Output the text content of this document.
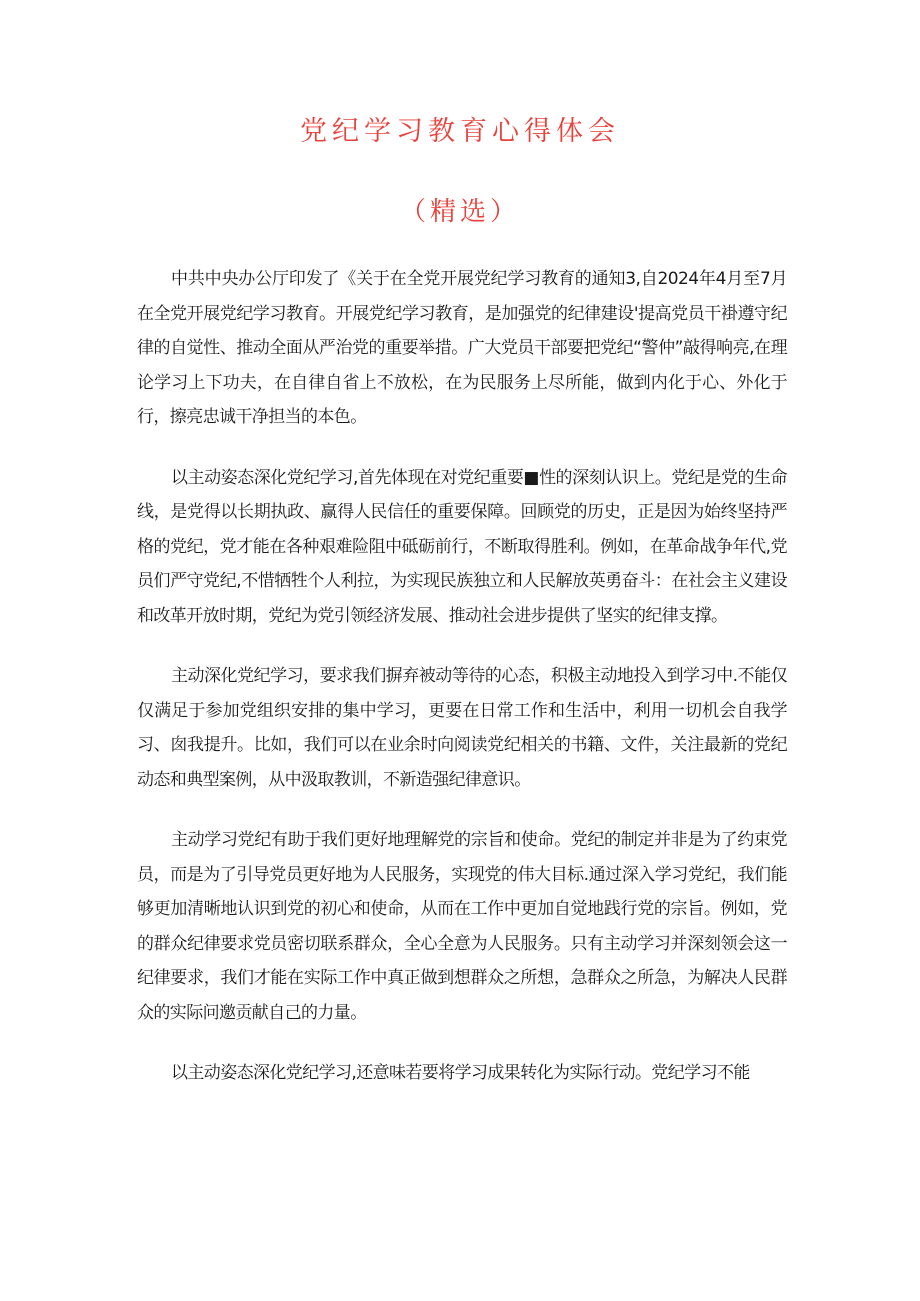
党纪学习教育心得体会
（精选）

中共中央办公厅印发了《关于在全党开展党纪学习教育的通知3,自2024年4月至7月在全党开展党纪学习教育。开展党纪学习教育，是加强党的纪律建设'提高党员干褂遵守纪律的自觉性、推动全面从严治党的重要举措。广大党员干部要把党纪“警仲”敲得响亮,在理论学习上下功夫，在自律自省上不放松，在为民服务上尽所能，做到内化于心、外化于行，擦亮忠诚干净担当的本色。

以主动姿态深化党纪学习,首先体现在对党纪重要■性的深刻认识上。党纪是党的生命线，是党得以长期执政、赢得人民信任的重要保障。回顾党的历史，正是因为始终坚持严格的党纪，党才能在各种艰难险阻中砥砺前行，不断取得胜利。例如，在革命战争年代,党员们严守党纪,不惜牺牲个人利拉，为实现民族独立和人民解放英勇奋斗：在社会主义建设和改革开放时期，党纪为党引领经济发展、推动社会进步提供了坚实的纪律支撑。

主动深化党纪学习，要求我们摒弃被动等待的心态，积极主动地投入到学习中.不能仅仅满足于参加党组织安排的集中学习，更要在日常工作和生活中，利用一切机会自我学习、囱我提升。比如，我们可以在业余时向阅读党纪相关的书籍、文件，关注最新的党纪动态和典型案例，从中汲取教训，不新造强纪律意识。

主动学习党纪有助于我们更好地理解党的宗旨和使命。党纪的制定并非是为了约束党员，而是为了引导党员更好地为人民服务，实现党的伟大目标.通过深入学习党纪，我们能够更加清晰地认识到党的初心和使命，从而在工作中更加自觉地践行党的宗旨。例如，党的群众纪律要求党员密切联系群众，全心全意为人民服务。只有主动学习并深刻领会这一纪律要求，我们才能在实际工作中真正做到想群众之所想，急群众之所急，为解决人民群众的实际问邀贡献自己的力量。

以主动姿态深化党纪学习,还意味若要将学习成果转化为实际行动。党纪学习不能
